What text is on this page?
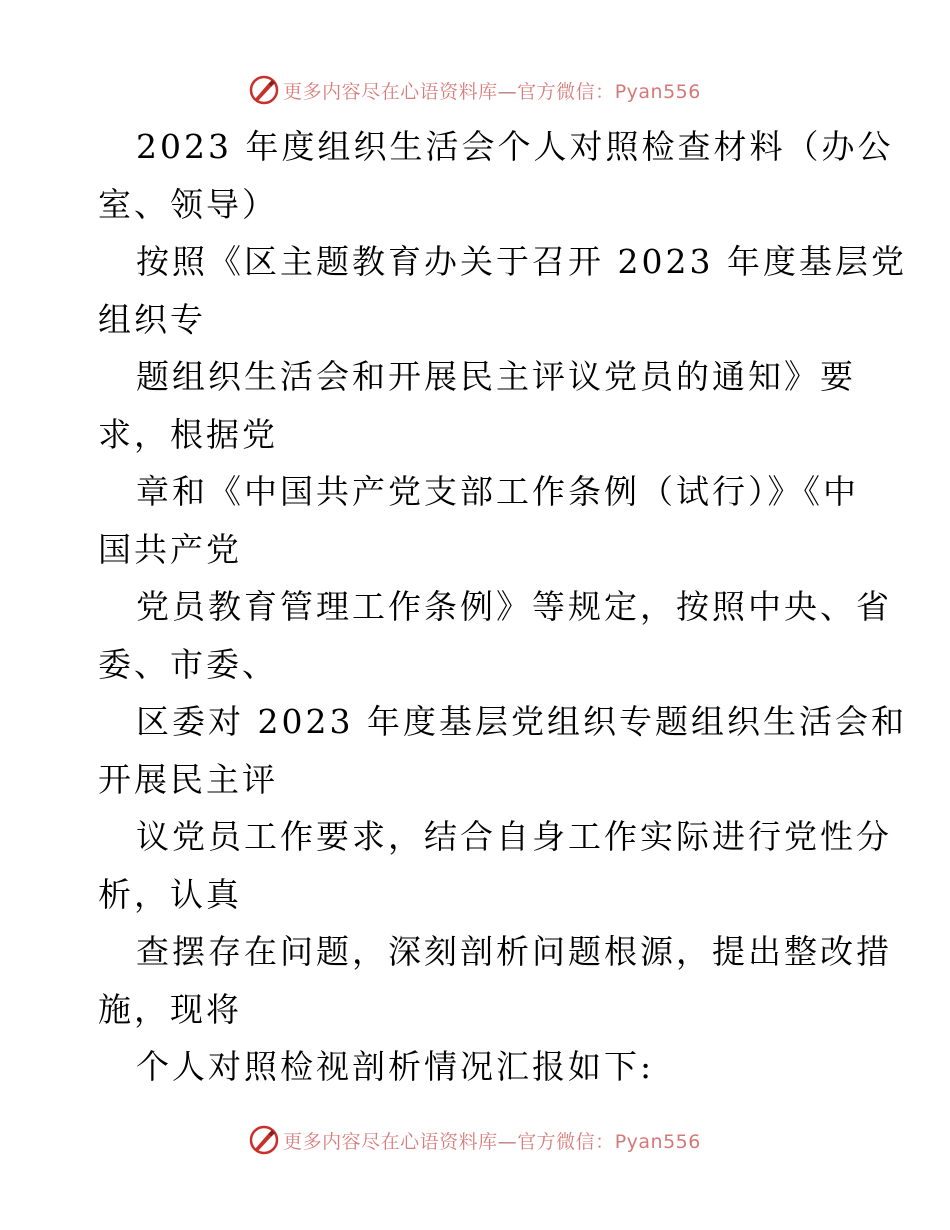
更多内容尽在心语资料库—官方微信：Pyan556
2023 年度组织生活会个人对照检查材料（办公
室、领导）
按照《区主题教育办关于召开 2023 年度基层党
组织专
题组织生活会和开展民主评议党员的通知》要
求，根据党
章和《中国共产党支部工作条例（试行）》《中
国共产党
党员教育管理工作条例》等规定，按照中央、省
委、市委、
区委对 2023 年度基层党组织专题组织生活会和
开展民主评
议党员工作要求，结合自身工作实际进行党性分
析，认真
查摆存在问题，深刻剖析问题根源，提出整改措
施，现将
个人对照检视剖析情况汇报如下:
更多内容尽在心语资料库—官方微信：Pyan556
